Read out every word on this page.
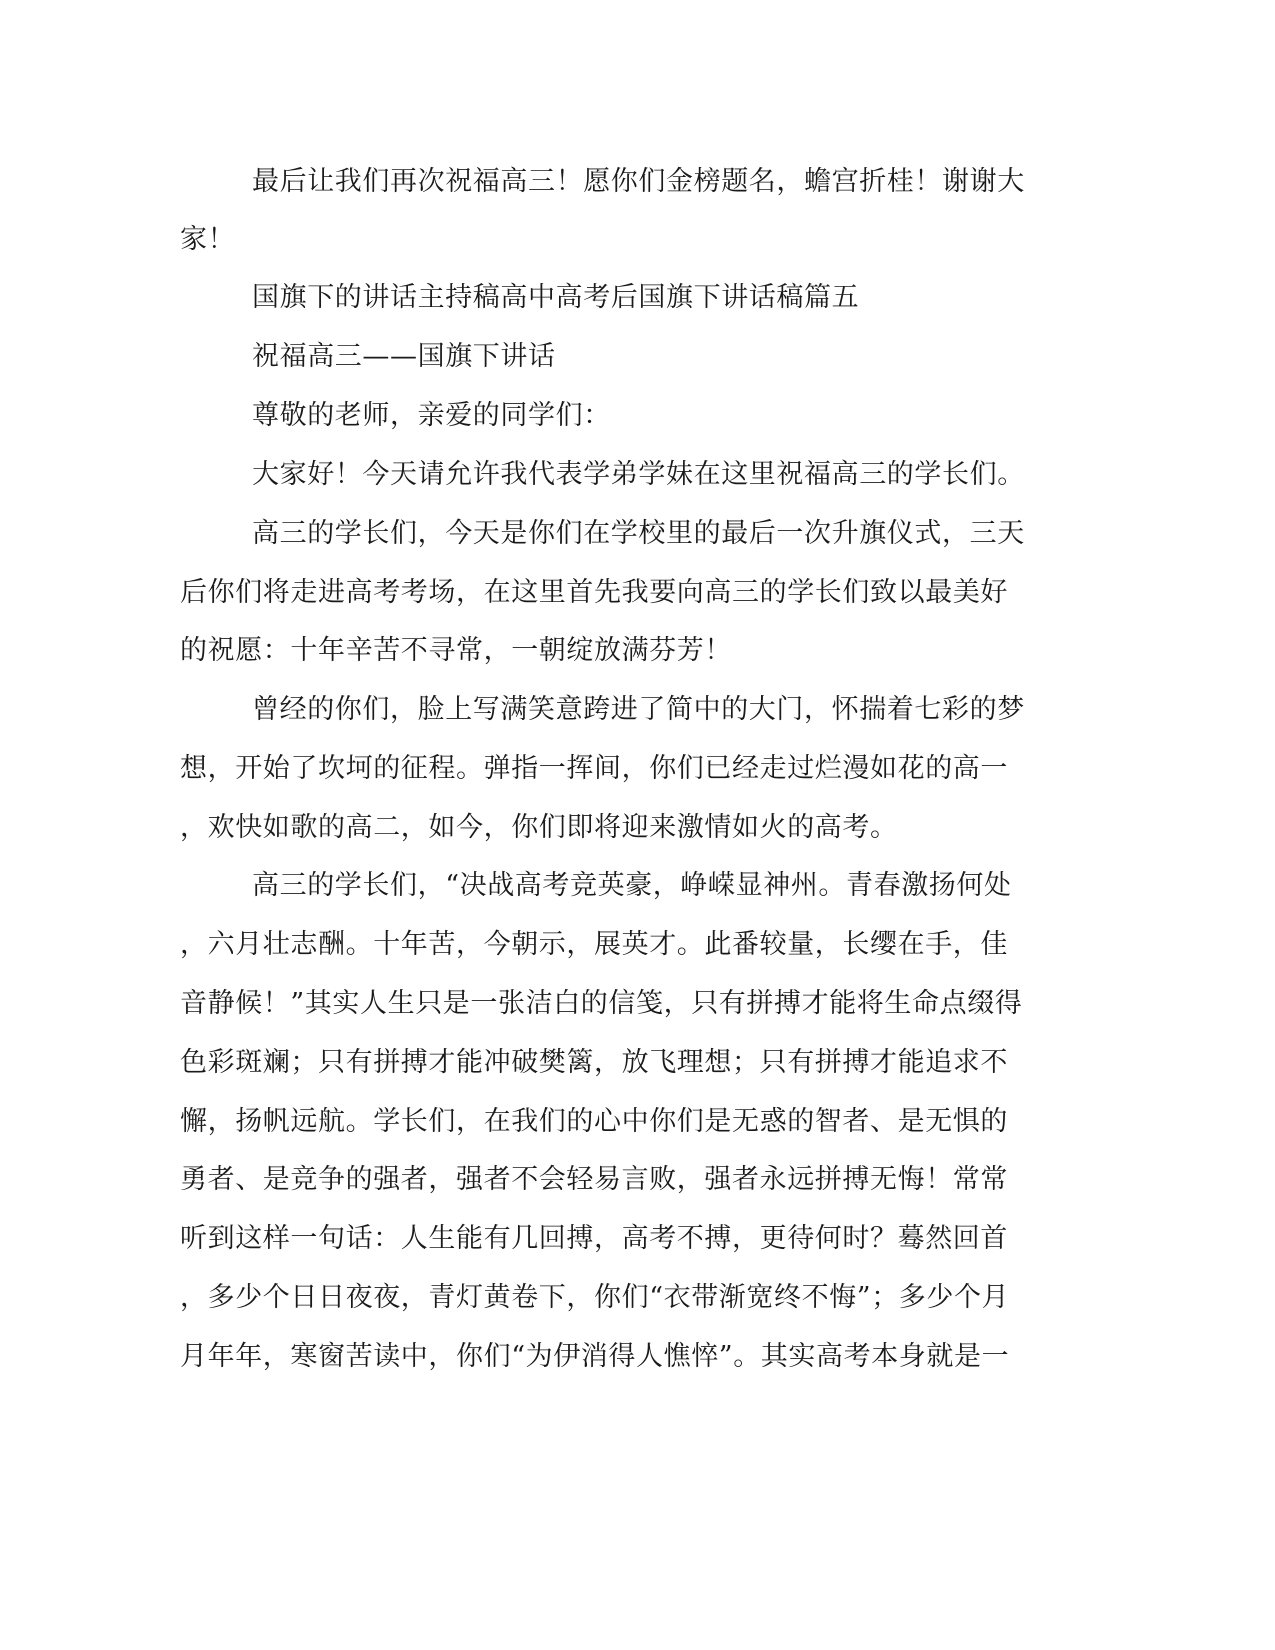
最后让我们再次祝福高三！愿你们金榜题名，蟾宫折桂！谢谢大

家！

国旗下的讲话主持稿高中高考后国旗下讲话稿篇五

祝福高三——国旗下讲话

尊敬的老师，亲爱的同学们：

大家好！今天请允许我代表学弟学妹在这里祝福高三的学长们。

高三的学长们，今天是你们在学校里的最后一次升旗仪式，三天

后你们将走进高考考场，在这里首先我要向高三的学长们致以最美好

的祝愿：十年辛苦不寻常，一朝绽放满芬芳！

曾经的你们，脸上写满笑意跨进了简中的大门，怀揣着七彩的梦

想，开始了坎坷的征程。弹指一挥间，你们已经走过烂漫如花的高一

，欢快如歌的高二，如今，你们即将迎来激情如火的高考。

高三的学长们，“决战高考竞英豪，峥嵘显神州。青春激扬何处

，六月壮志酬。十年苦，今朝示，展英才。此番较量，长缨在手，佳

音静候！”其实人生只是一张洁白的信笺，只有拼搏才能将生命点缀得

色彩斑斓；只有拼搏才能冲破樊篱，放飞理想；只有拼搏才能追求不

懈，扬帆远航。学长们，在我们的心中你们是无惑的智者、是无惧的

勇者、是竞争的强者，强者不会轻易言败，强者永远拼搏无悔！常常

听到这样一句话：人生能有几回搏，高考不搏，更待何时？蓦然回首

，多少个日日夜夜，青灯黄卷下，你们“衣带渐宽终不悔”；多少个月

月年年，寒窗苦读中，你们“为伊消得人憔悴”。其实高考本身就是一
